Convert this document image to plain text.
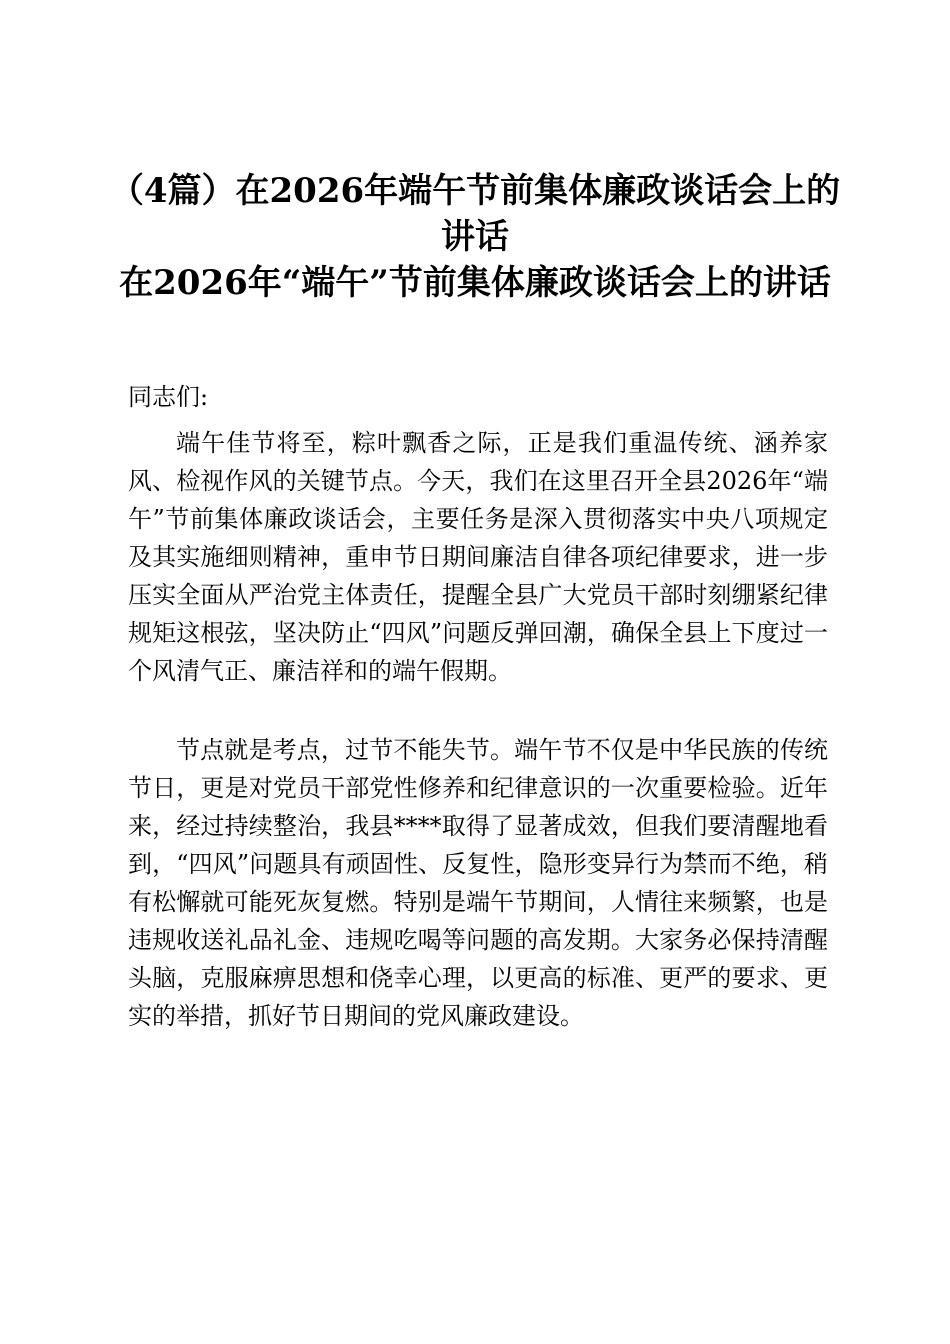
（4篇）在2026年端午节前集体廉政谈话会上的讲话
在2026年“端午”节前集体廉政谈话会上的讲话

同志们:

端午佳节将至，粽叶飘香之际，正是我们重温传统、涵养家风、检视作风的关键节点。今天，我们在这里召开全县2026年“端午”节前集体廉政谈话会，主要任务是深入贯彻落实中央八项规定及其实施细则精神，重申节日期间廉洁自律各项纪律要求，进一步压实全面从严治党主体责任，提醒全县广大党员干部时刻绷紧纪律规矩这根弦，坚决防止“四风”问题反弹回潮，确保全县上下度过一个风清气正、廉洁祥和的端午假期。

节点就是考点，过节不能失节。端午节不仅是中华民族的传统节日，更是对党员干部党性修养和纪律意识的一次重要检验。近年来，经过持续整治，我县****取得了显著成效，但我们要清醒地看到，“四风”问题具有顽固性、反复性，隐形变异行为禁而不绝，稍有松懈就可能死灰复燃。特别是端午节期间，人情往来频繁，也是违规收送礼品礼金、违规吃喝等问题的高发期。大家务必保持清醒头脑，克服麻痹思想和侥幸心理，以更高的标准、更严的要求、更实的举措，抓好节日期间的党风廉政建设。
